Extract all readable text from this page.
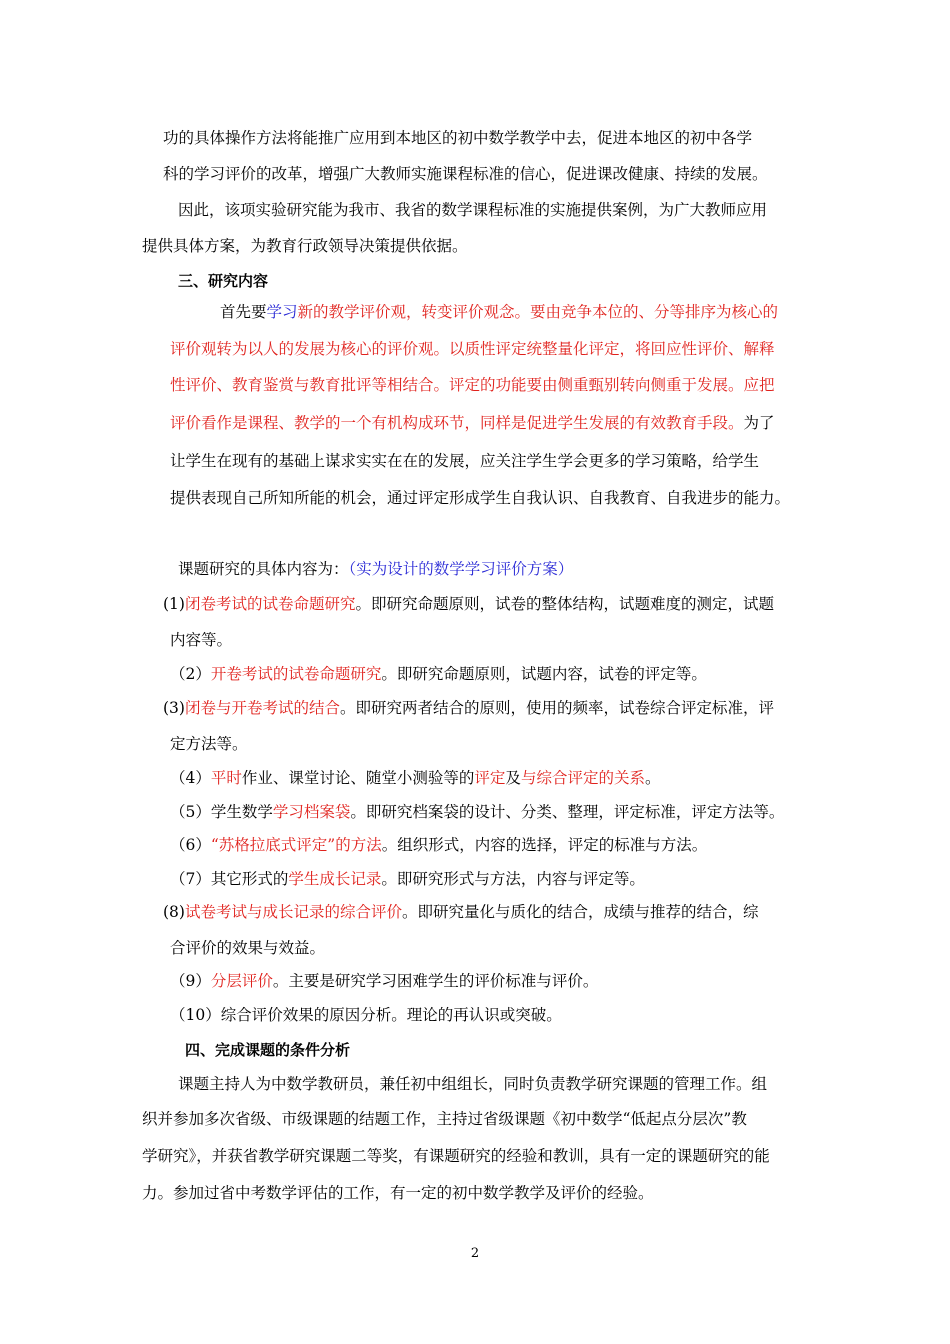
功的具体操作方法将能推广应用到本地区的初中数学教学中去，促进本地区的初中各学
科的学习评价的改革，增强广大教师实施课程标准的信心，促进课改健康、持续的发展。
因此，该项实验研究能为我市、我省的数学课程标准的实施提供案例，为广大教师应用
提供具体方案，为教育行政领导决策提供依据。
三、研究内容
首先要学习新的教学评价观，转变评价观念。要由竞争本位的、分等排序为核心的
评价观转为以人的发展为核心的评价观。以质性评定统整量化评定，将回应性评价、解释
性评价、教育鉴赏与教育批评等相结合。评定的功能要由侧重甄别转向侧重于发展。应把
评价看作是课程、教学的一个有机构成环节，同样是促进学生发展的有效教育手段。为了
让学生在现有的基础上谋求实实在在的发展，应关注学生学会更多的学习策略，给学生
提供表现自己所知所能的机会，通过评定形成学生自我认识、自我教育、自我进步的能力。
课题研究的具体内容为：（实为设计的数学学习评价方案）
(1)闭卷考试的试卷命题研究。即研究命题原则，试卷的整体结构，试题难度的测定，试题
内容等。
（2）开卷考试的试卷命题研究。即研究命题原则，试题内容，试卷的评定等。
(3)闭卷与开卷考试的结合。即研究两者结合的原则，使用的频率，试卷综合评定标准，评
定方法等。
（4）平时作业、课堂讨论、随堂小测验等的评定及与综合评定的关系。
（5）学生数学学习档案袋。即研究档案袋的设计、分类、整理，评定标准，评定方法等。
（6）“苏格拉底式评定”的方法。组织形式，内容的选择，评定的标准与方法。
（7）其它形式的学生成长记录。即研究形式与方法，内容与评定等。
(8)试卷考试与成长记录的综合评价。即研究量化与质化的结合，成绩与推荐的结合，综
合评价的效果与效益。
（9）分层评价。主要是研究学习困难学生的评价标准与评价。
（10）综合评价效果的原因分析。理论的再认识或突破。
四、完成课题的条件分析
课题主持人为中数学教研员，兼任初中组组长，同时负责教学研究课题的管理工作。组
织并参加多次省级、市级课题的结题工作，主持过省级课题《初中数学“低起点分层次”教
学研究》，并获省教学研究课题二等奖，有课题研究的经验和教训，具有一定的课题研究的能
力。参加过省中考数学评估的工作，有一定的初中数学教学及评价的经验。
2
